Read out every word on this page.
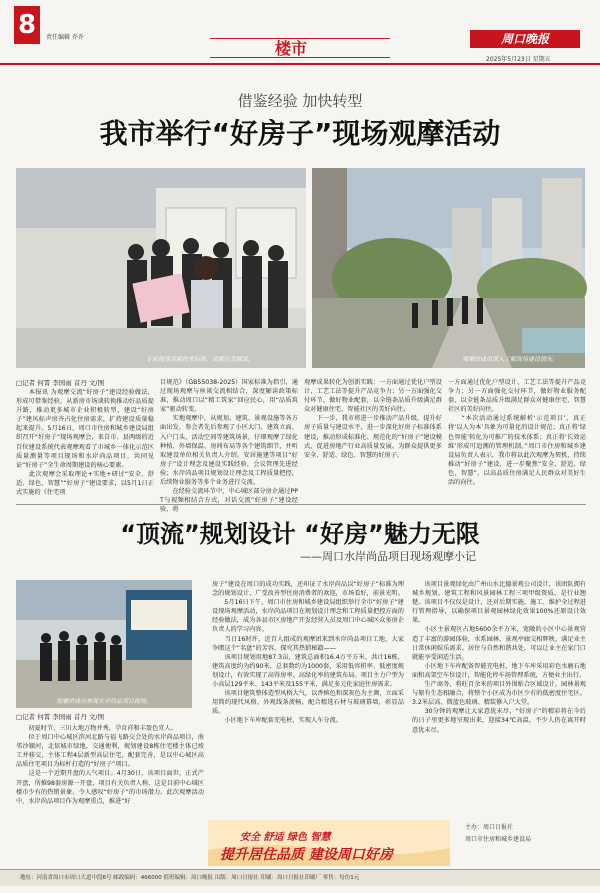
8	责任编辑 乔乔
楼市	周口晚报
2025年5月23日 星期五
借鉴经验 加快转型
我市举行“好房子”现场观摩活动
专家现场讲解技术标准，讲解代表解说。	观摩团成员深入了解现场建设情况。
□记者 何霄 李国雨 首丹 文/图
　　本报讯 为观摩交流“好房子”建设经验做法，形成可借鉴经验，从新房市场谈转换推动好品质提升路，推动更多城市企业积极转型，建设“好房子”建风标声房齐占化住房需求，扩持建设质量稳起来提升。5月16日，周口市住房和城乡建设局组织召开“好房子”现场观摩会，来自市、县两级的近百位建设系统代表观摩观看了市城乡一体化示范区质量测量等项目现场和水岸尚品项目，共同见证“好房子”全生命周期建设的核心要素。
　　此次观摩会采取理论+实地+研讨“安全、舒适、绿色、智慧”“好房子”建设要求，以5月1日正式实施的《住宅项
目规范》（GB55038-2025）国家标准为指引，通过现场观摩与座谈交流相结合，深度解读政策标准，推动周口以“精工筑家”回应民心，用“品质筑家”驱动转变。
　　实地观摩中，从规划、建筑、景观设施等各方面出发，参会者先后参观了小区大门、建筑立面、入户门头、活动空间等建筑场景，仔细观摩了绿化种植、外墙保温、房间布局等各个建筑细节，并听取建设单位相关负责人介绍。安居施建等项目“好房子”设计理念及建设实践经验，会议管理先进经验；水岸尚品项目规划设计理念及工程质量把控，后续物业服务等多个业务进行交流。
　　在经验交流环节中，中心城区部分房企通过PPT与视频相结合方式，对话交流“好房子”建设经验，将
观摩成果转化为创新实践：一方面通过优化户型设计、工艺工法等提升产品竞争力；另一方面强化交付环节，做好物业配套，以全链条品质升级满足群众对健康住宅、智能社区的美好向往。
　　下一步，我市将进一步推动产品升级，提升好房子质量与建设水平，进一步深化好房子标准体系建设，推动形成标准化、规范化的“好房子”建设模式，促进房地产行业高质量发展。为群众提供更多安全、舒适、绿色、智慧的好房子。
一方面通过优化户型设计、工艺工法等提升产品竞争力；另一方面强化交付环节，做好物业服务配套，以全链条品质升级满足群众对健康住宅、智慧社区的美好向往。
　　“本次活动通过系统解析‘示范项目’，真正将‘以人为本’具象为可量化的设计规范；真正将‘绿色智能’转化为可推广的技术体系；真正将‘长效运维’形成可追溯的管理机制。”周口市住房和城乡建设局负责人表示，我市将以此次观摩为契机，持续推动“好房子”建设，进一步聚焦“安全、舒适、绿色、智慧”，以高品质住房满足人民群众对美好生活的向往。
“顶流”规划设计 “好房”魅力无限
——周口水岸尚品项目现场观摩小记
观摩团成员参观水岸尚品项目现场。
□记者 何霄 李国雨 首丹 文/图
　　初夏时节，三川大地万物并秀，孕育祥和丰盈色宜人。
　　位于周口中心城区滨河北路与福飞路交会处的水岸尚品项目，南邻沙颍河，北依城市绿地，交通便利，规划建设8栋住宅楼主体已竣工并移交，主体工程4层新型高层住宅，配套完善，是以中心城区高品质住宅项目为标杆打造的“好房子”项目。
　　这是一个近期开盘的人气项目。4月30日，该项目面世，正式产开盘，所推98套房源一开盘，项目有关负责人称，这是目前中心城区楼市少有的热销景象。令人感叹“好房子”的市场潜力。此次观摩活动中，水岸尚品项目作为观摩重点，推进“好
房子”建设在周口的成功实践，还印证了水岸尚品以“好房子”标准为理念的规划设计，广受改善型住房消费者的欢迎，市场看好，前景光明。
　　5月16日下午，周口市住房和城乡建设局组织举行全市“好房子”建设现场观摩活动，水岸尚品项目在规划设计理念和工程质量把控方面的经验做法，成为各县市区房地产开发经营人员及周口中心城区众多房企负责人的学习内容。
　　当日16时许，近百人组成的观摩团来到水岸尚品项目工地，大家争睹这个“名盘”的芳容，探究其热销秘籍——
　　该项目规划用地87.3亩，建筑总面积16.4万平方米，共计16栋，建筑高度约为约90米，总套数约为1000套，采用低容积率、低密度规划设计，有效实现了高得房率、高绿化率的建筑布局。项目主力户型为小高层129平米、143平米及155平米，满足多元化家庭住房需求。
　　该项目建筑整体造型风格大气，以香槟色和深灰色为主调，立面采用简约现代风格，外观线条流畅，配合精选石材与玻璃幕墙，彰显品质。
　　小区地下车库配套充电桩，实现人车分流。
　　该项目景观绿化由广州山水比德景观公司设计，该团队拥有城乡规划、建筑工程和风景园林工程三项甲级资质，是行业翘楚。该项目不仅仅是设计，还对后期实施、施工、维护全过程进行管理指导，以确保项目景观园林绿化效果100%还原设计效果。
　　小区主景观区占地5600余平方米，宽敞的小区中心景观营造了丰富的游园体验，水系园林、景观亭廊交相辉映，满足业主日常休闲娱乐需求。居住与自然和谐共处，可以让业主在家门口就能享受闲适生活。
　　小区地下车库配备智能充电桩，地下车库采用彩色水磨石地面和高架空车位设计，智能化停车场管理系统，方便业主出行。
　　生产商务，将旺百余米的项目外围贴合区域设计，园林景观与原有生态相融合，将整个小区成为市区少有的低密度住宅区。3.2米层高、微蓝色玻璃、精装修入户大堂。
　　30分钟的观摩让大家意犹未尽，“好房子”的精彩将在今后的日子里更多地呈现出来，迎接34℃高温，不少人仍在离开时意犹未尽。
安全 舒适 绿色 智慧
提升居住品质 建设周口好房
主办：周口日报社
周口市住房和城乡建设局
地址：河南省周口市周口大道中段6号 邮政编码：466000 值班编辑：周口晚报 出版：周口日报社 印刷：周口日报社印刷厂 零售：每份1元
